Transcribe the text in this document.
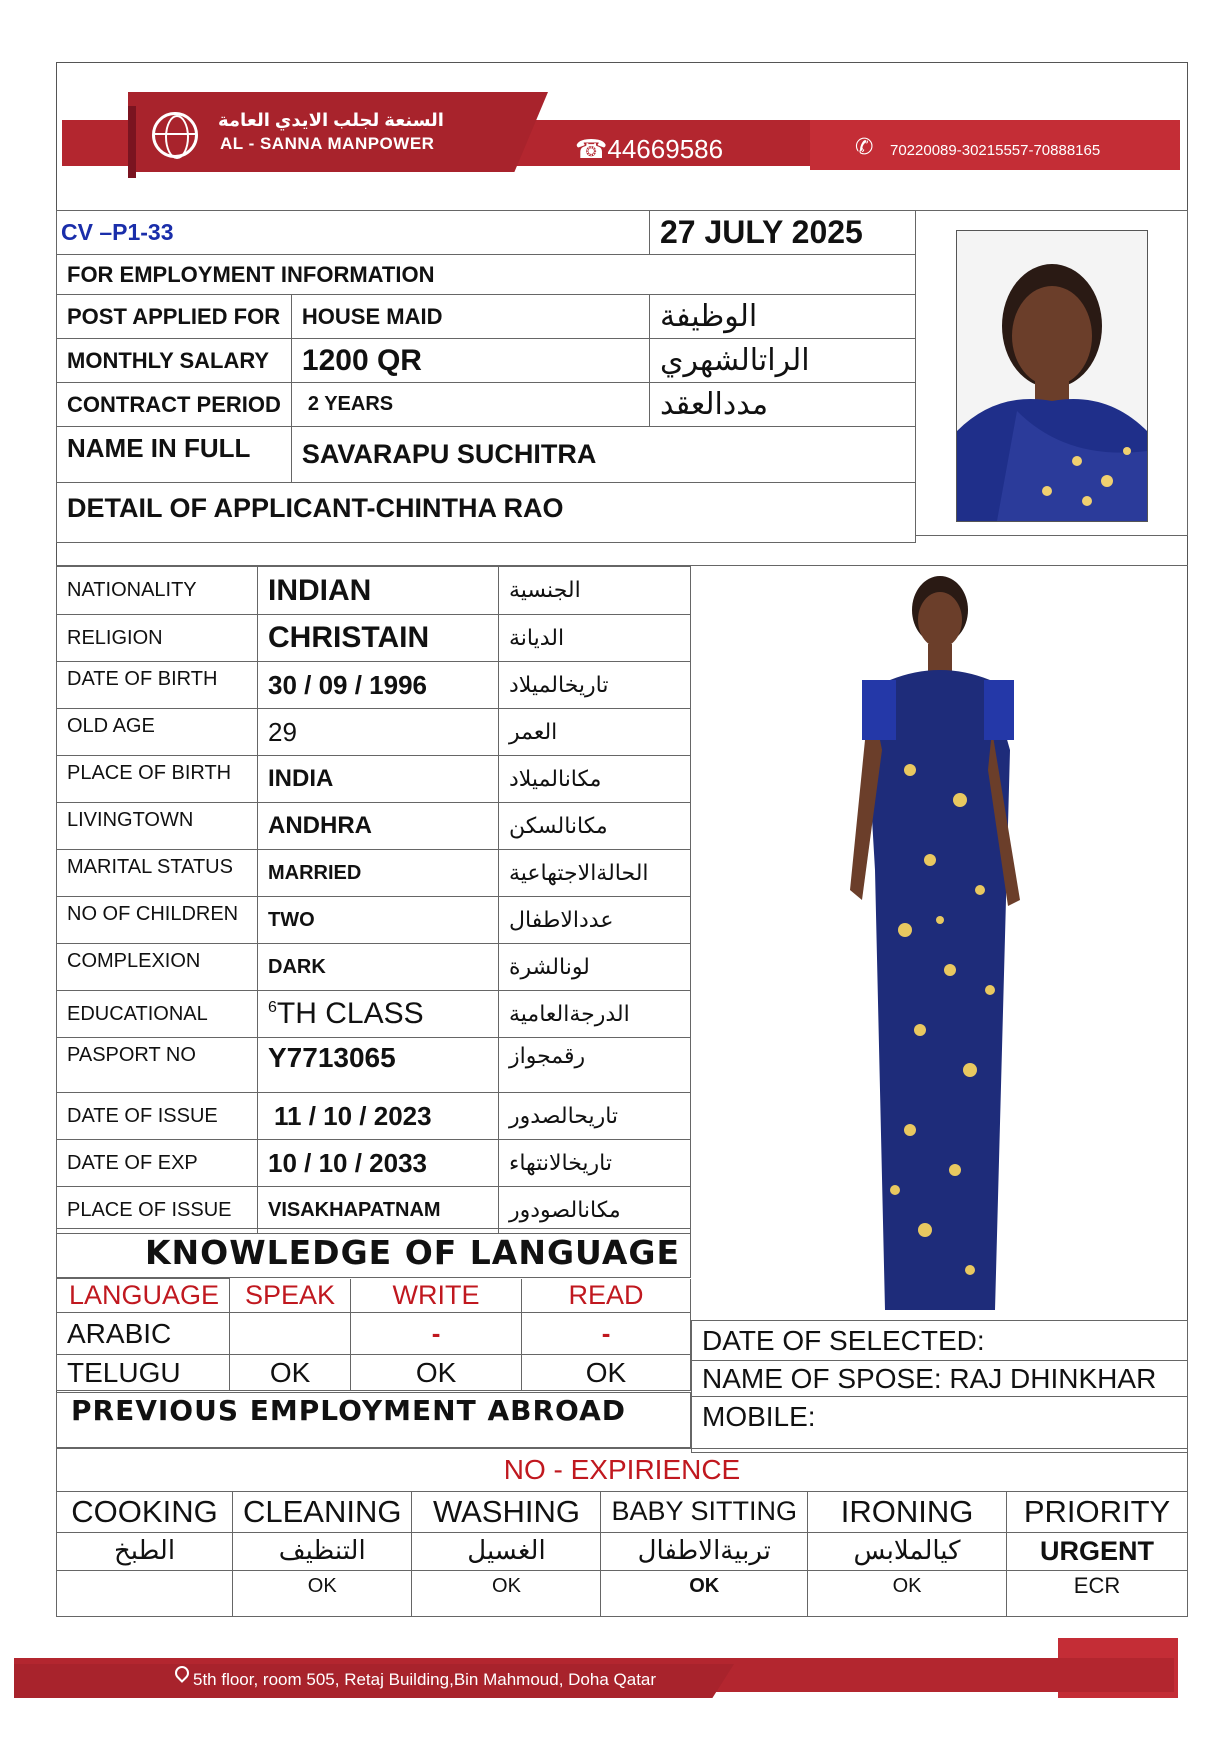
السنعة لجلب الايدي العامة
AL - SANNA MANPOWER	☎44669586	✆ 70220089-30215557-70888165
CV –P1-33		27 JULY 2025
FOR EMPLOYMENT INFORMATION		
POST APPLIED FOR	HOUSE MAID	الوظيفة
MONTHLY SALARY	1200 QR	الراتالشهري
CONTRACT PERIOD	2 YEARS	مددالعقد
NAME IN FULL	SAVARAPU SUCHITRA	
DETAIL OF APPLICANT-CHINTHA RAO		
NATIONALITY	INDIAN	الجنسية
RELIGION	CHRISTAIN	الديانة
DATE OF BIRTH	30 / 09 / 1996	تاريخالميلاد
OLD AGE	29	العمر
PLACE OF BIRTH	INDIA	مكانالميلاد
LIVINGTOWN	ANDHRA	مكانالسكن
MARITAL STATUS	MARRIED	الحالةالاجتهاعية
NO OF CHILDREN	TWO	عددالاطفال
COMPLEXION	DARK	لونالشرة
EDUCATIONAL	$^6$TH CLASS	الدرجةالعامية
PASPORT NO	Y7713065	رقمجواز
DATE OF ISSUE	11 / 10 / 2023	تاريحالصدور
DATE OF EXP	10 / 10 / 2033	تاريخالانتهاء
PLACE OF ISSUE	VISAKHAPATNAM	مكانالصودور
KNOWLEDGE OF LANGUAGE
LANGUAGE	SPEAK	WRITE	READ
ARABIC		-	-
TELUGU	OK	OK	OK
PREVIOUS EMPLOYMENT ABROAD
DATE OF SELECTED:
NAME OF SPOSE: RAJ DHINKHAR
MOBILE:
NO - EXPIRIENCE
COOKING	CLEANING	WASHING	BABY SITTING	IRONING	PRIORITY
الطبخ	التنظيف	الغسيل	تربيةالاطفال	كيالملابس	URGENT
	OK	OK	OK	OK	ECR
5th floor, room 505, Retaj Building,Bin Mahmoud, Doha Qatar
